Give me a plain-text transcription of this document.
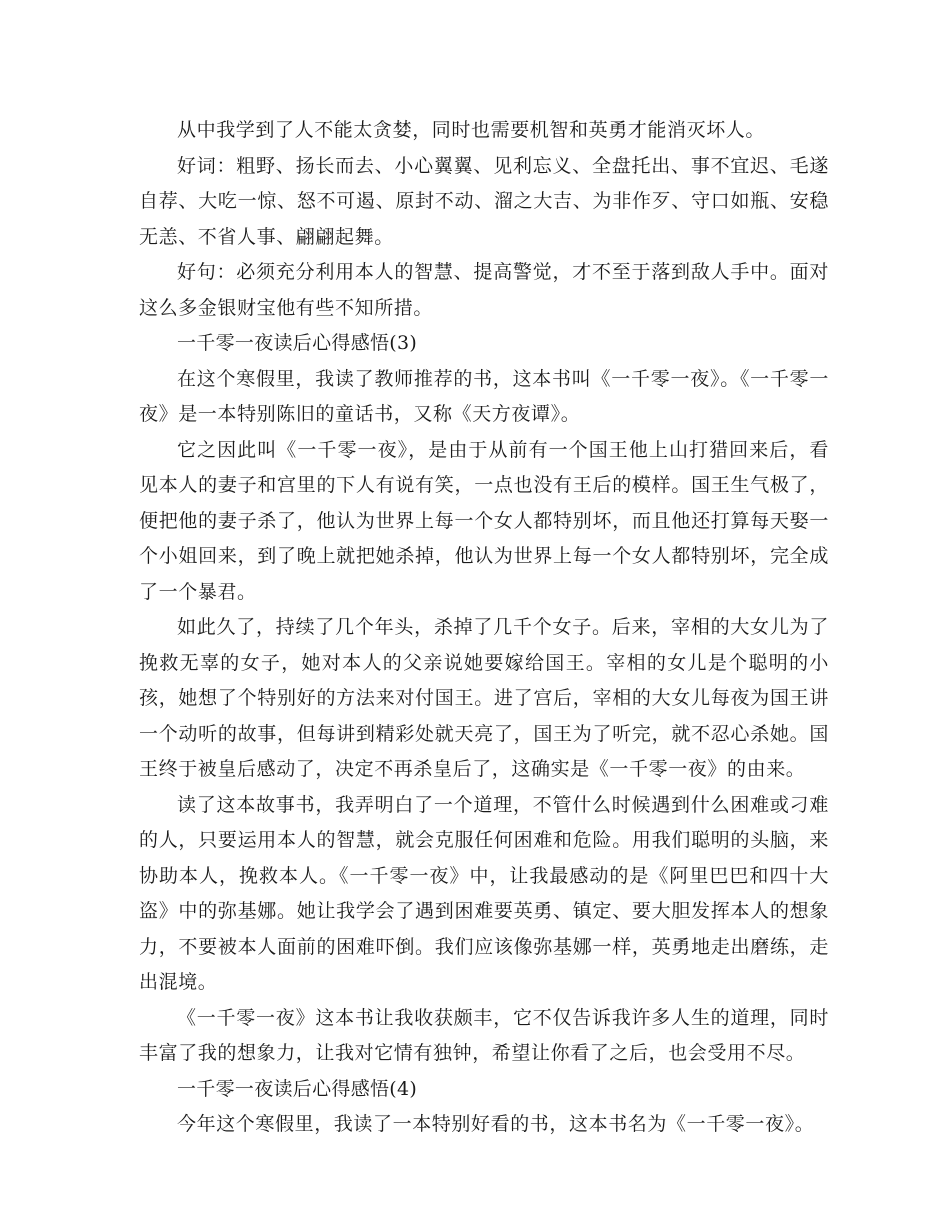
从中我学到了人不能太贪婪，同时也需要机智和英勇才能消灭坏人。

好词：粗野、扬长而去、小心翼翼、见利忘义、全盘托出、事不宜迟、毛遂自荐、大吃一惊、怒不可遏、原封不动、溜之大吉、为非作歹、守口如瓶、安稳无恙、不省人事、翩翩起舞。

好句：必须充分利用本人的智慧、提高警觉，才不至于落到敌人手中。面对这么多金银财宝他有些不知所措。

一千零一夜读后心得感悟(3)

在这个寒假里，我读了教师推荐的书，这本书叫《一千零一夜》。《一千零一夜》是一本特别陈旧的童话书，又称《天方夜谭》。

它之因此叫《一千零一夜》，是由于从前有一个国王他上山打猎回来后，看见本人的妻子和宫里的下人有说有笑，一点也没有王后的模样。国王生气极了，便把他的妻子杀了，他认为世界上每一个女人都特别坏，而且他还打算每天娶一个小姐回来，到了晚上就把她杀掉，他认为世界上每一个女人都特别坏，完全成了一个暴君。

如此久了，持续了几个年头，杀掉了几千个女子。后来，宰相的大女儿为了挽救无辜的女子，她对本人的父亲说她要嫁给国王。宰相的女儿是个聪明的小孩，她想了个特别好的方法来对付国王。进了宫后，宰相的大女儿每夜为国王讲一个动听的故事，但每讲到精彩处就天亮了，国王为了听完，就不忍心杀她。国王终于被皇后感动了，决定不再杀皇后了，这确实是《一千零一夜》的由来。

读了这本故事书，我弄明白了一个道理，不管什么时候遇到什么困难或刁难的人，只要运用本人的智慧，就会克服任何困难和危险。用我们聪明的头脑，来协助本人，挽救本人。《一千零一夜》中，让我最感动的是《阿里巴巴和四十大盗》中的弥基娜。她让我学会了遇到困难要英勇、镇定、要大胆发挥本人的想象力，不要被本人面前的困难吓倒。我们应该像弥基娜一样，英勇地走出磨练，走出混境。

《一千零一夜》这本书让我收获颇丰，它不仅告诉我许多人生的道理，同时丰富了我的想象力，让我对它情有独钟，希望让你看了之后，也会受用不尽。

一千零一夜读后心得感悟(4)

今年这个寒假里，我读了一本特别好看的书，这本书名为《一千零一夜》。
